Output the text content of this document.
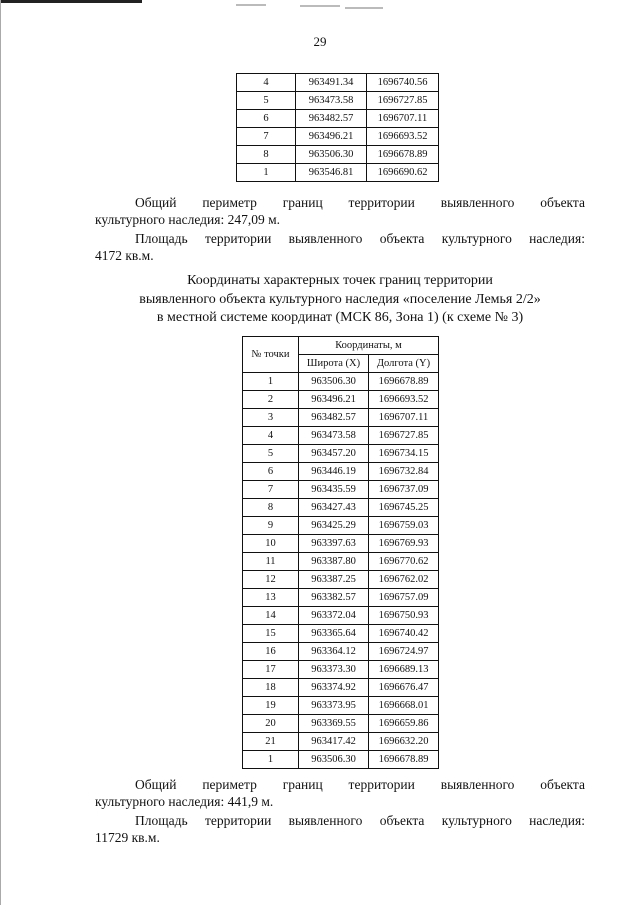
29
4	963491.34	1696740.56
5	963473.58	1696727.85
6	963482.57	1696707.11
7	963496.21	1696693.52
8	963506.30	1696678.89
1	963546.81	1696690.62
Общий периметр границ территории выявленного объекта
культурного наследия: 247,09 м.
Площадь территории выявленного объекта культурного наследия:
4172 кв.м.
Координаты характерных точек границ территории
выявленного объекта культурного наследия «поселение Лемья 2/2»
в местной системе координат (МСК 86, Зона 1) (к схеме № 3)
№ точки	Координаты, м	
	Широта (X)	Долгота (Y)
1	963506.30	1696678.89
2	963496.21	1696693.52
3	963482.57	1696707.11
4	963473.58	1696727.85
5	963457.20	1696734.15
6	963446.19	1696732.84
7	963435.59	1696737.09
8	963427.43	1696745.25
9	963425.29	1696759.03
10	963397.63	1696769.93
11	963387.80	1696770.62
12	963387.25	1696762.02
13	963382.57	1696757.09
14	963372.04	1696750.93
15	963365.64	1696740.42
16	963364.12	1696724.97
17	963373.30	1696689.13
18	963374.92	1696676.47
19	963373.95	1696668.01
20	963369.55	1696659.86
21	963417.42	1696632.20
1	963506.30	1696678.89
Общий периметр границ территории выявленного объекта
культурного наследия: 441,9 м.
Площадь территории выявленного объекта культурного наследия:
11729 кв.м.
